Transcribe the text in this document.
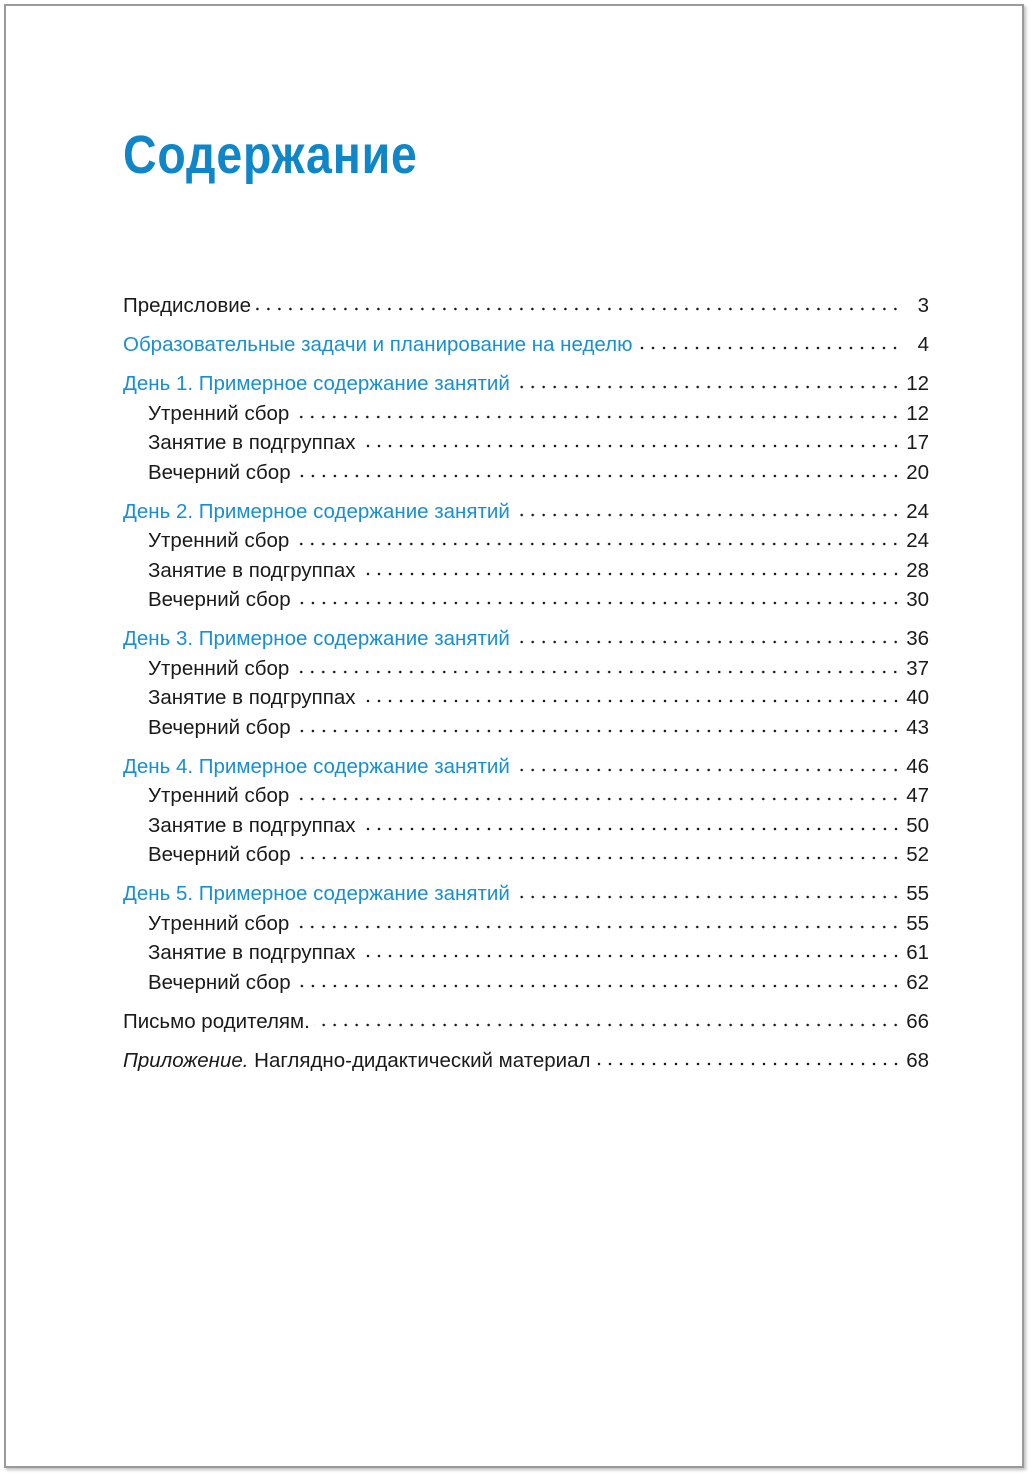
Содержание
Предисловие	3
Образовательные задачи и планирование на неделю	4
День 1. Примерное содержание занятий	12
Утренний сбор	12
Занятие в подгруппах	17
Вечерний сбор	20
День 2. Примерное содержание занятий	24
Утренний сбор	24
Занятие в подгруппах	28
Вечерний сбор	30
День 3. Примерное содержание занятий	36
Утренний сбор	37
Занятие в подгруппах	40
Вечерний сбор	43
День 4. Примерное содержание занятий	46
Утренний сбор	47
Занятие в подгруппах	50
Вечерний сбор	52
День 5. Примерное содержание занятий	55
Утренний сбор	55
Занятие в подгруппах	61
Вечерний сбор	62
Письмо родителям.	66
Приложение. Наглядно-дидактический материал	68
